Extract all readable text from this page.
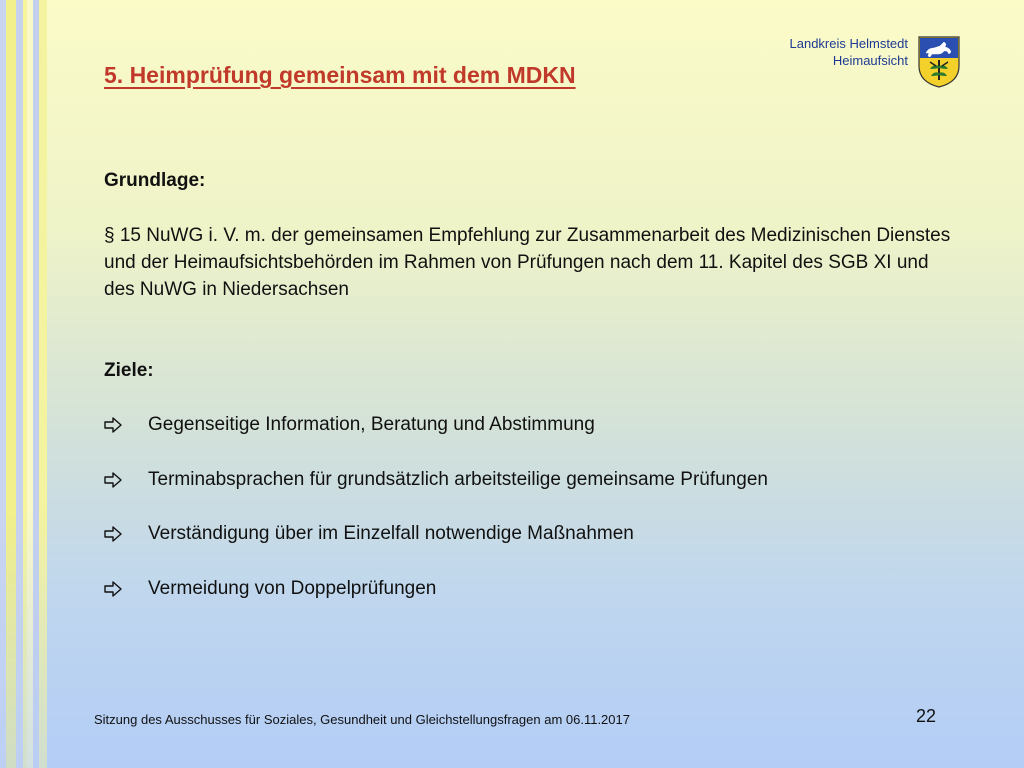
5. Heimprüfung gemeinsam mit dem MDKN
Landkreis Helmstedt
Heimaufsicht
Grundlage:
§ 15 NuWG i. V. m. der gemeinsamen Empfehlung zur Zusammenarbeit des Medizinischen Dienstes und der Heimaufsichtsbehörden im Rahmen von Prüfungen nach dem 11. Kapitel des SGB XI und des NuWG in Niedersachsen
Ziele:
Gegenseitige Information, Beratung und Abstimmung
Terminabsprachen für grundsätzlich arbeitsteilige gemeinsame Prüfungen
Verständigung über im Einzelfall notwendige Maßnahmen
Vermeidung von Doppelprüfungen
Sitzung des Ausschusses für Soziales, Gesundheit und Gleichstellungsfragen am 06.11.2017	22
